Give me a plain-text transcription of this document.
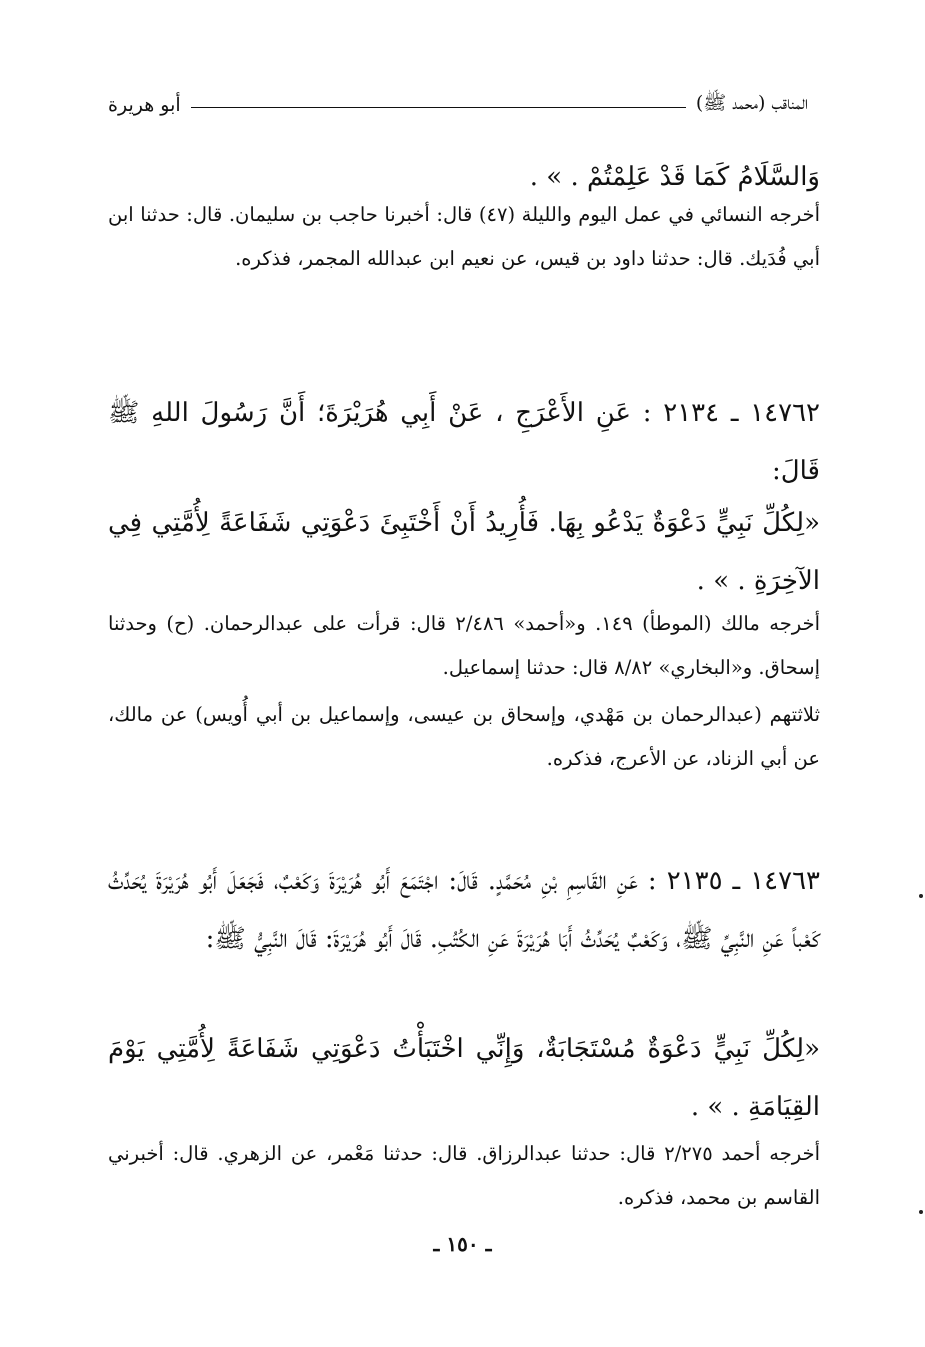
المناقب (محمد ﷺ)
أبو هريرة
وَالسَّلَامُ كَمَا قَدْ عَلِمْتُمْ . » .
أخرجه النسائي في عمل اليوم والليلة (٤٧) قال: أخبرنا حاجب بن سليمان. قال: حدثنا ابن أبي فُدَيك. قال: حدثنا داود بن قيس، عن نعيم ابن عبدالله المجمر، فذكره.
١٤٧٦٢ ـ ٢١٣٤ : عَنِ الأَعْرَجِ ، عَنْ أَبِي هُرَيْرَةَ؛ أَنَّ رَسُولَ اللهِ ﷺ قَالَ:
«لِكُلِّ نَبِيٍّ دَعْوَةٌ يَدْعُو بِهَا. فَأُرِيدُ أَنْ أَخْتَبِئَ دَعْوَتِي شَفَاعَةً لِأُمَّتِي فِي الآخِرَةِ . » .
أخرجه مالك (الموطأ) ١٤٩. و«أحمد» ٢/٤٨٦ قال: قرأت على عبدالرحمان. (ح) وحدثنا إسحاق. و«البخاري» ٨/٨٢ قال: حدثنا إسماعيل.
ثلاثتهم (عبدالرحمان بن مَهْدي، وإسحاق بن عيسى، وإسماعيل بن أبي أُويس) عن مالك، عن أبي الزناد، عن الأعرج، فذكره.
١٤٧٦٣ ـ ٢١٣٥ : عَنِ القَاسِمِ بْنِ مُحَمَّدٍ. قَالَ: اجْتَمَعَ أَبُو هُرَيْرَةَ وَكَعْبٌ، فَجَعَلَ أَبُو هُرَيْرَةَ يُحَدِّثُ كَعْباً عَنِ النَّبِيِّ ﷺ، وَكَعْبٌ يُحَدِّثُ أَبَا هُرَيْرَةَ عَنِ الكُتُبِ. قَالَ أَبُو هُرَيْرَةَ: قَالَ النَّبِيُّ ﷺ:
«لِكُلِّ نَبِيٍّ دَعْوَةٌ مُسْتَجَابَةٌ، وَإِنِّي اخْتَبَأْتُ دَعْوَتِي شَفَاعَةً لِأُمَّتِي يَوْمَ القِيَامَةِ . » .
أخرجه أحمد ٢/٢٧٥ قال: حدثنا عبدالرزاق. قال: حدثنا مَعْمر، عن الزهري. قال: أخبرني القاسم بن محمد، فذكره.
ـ ١٥٠ ـ
